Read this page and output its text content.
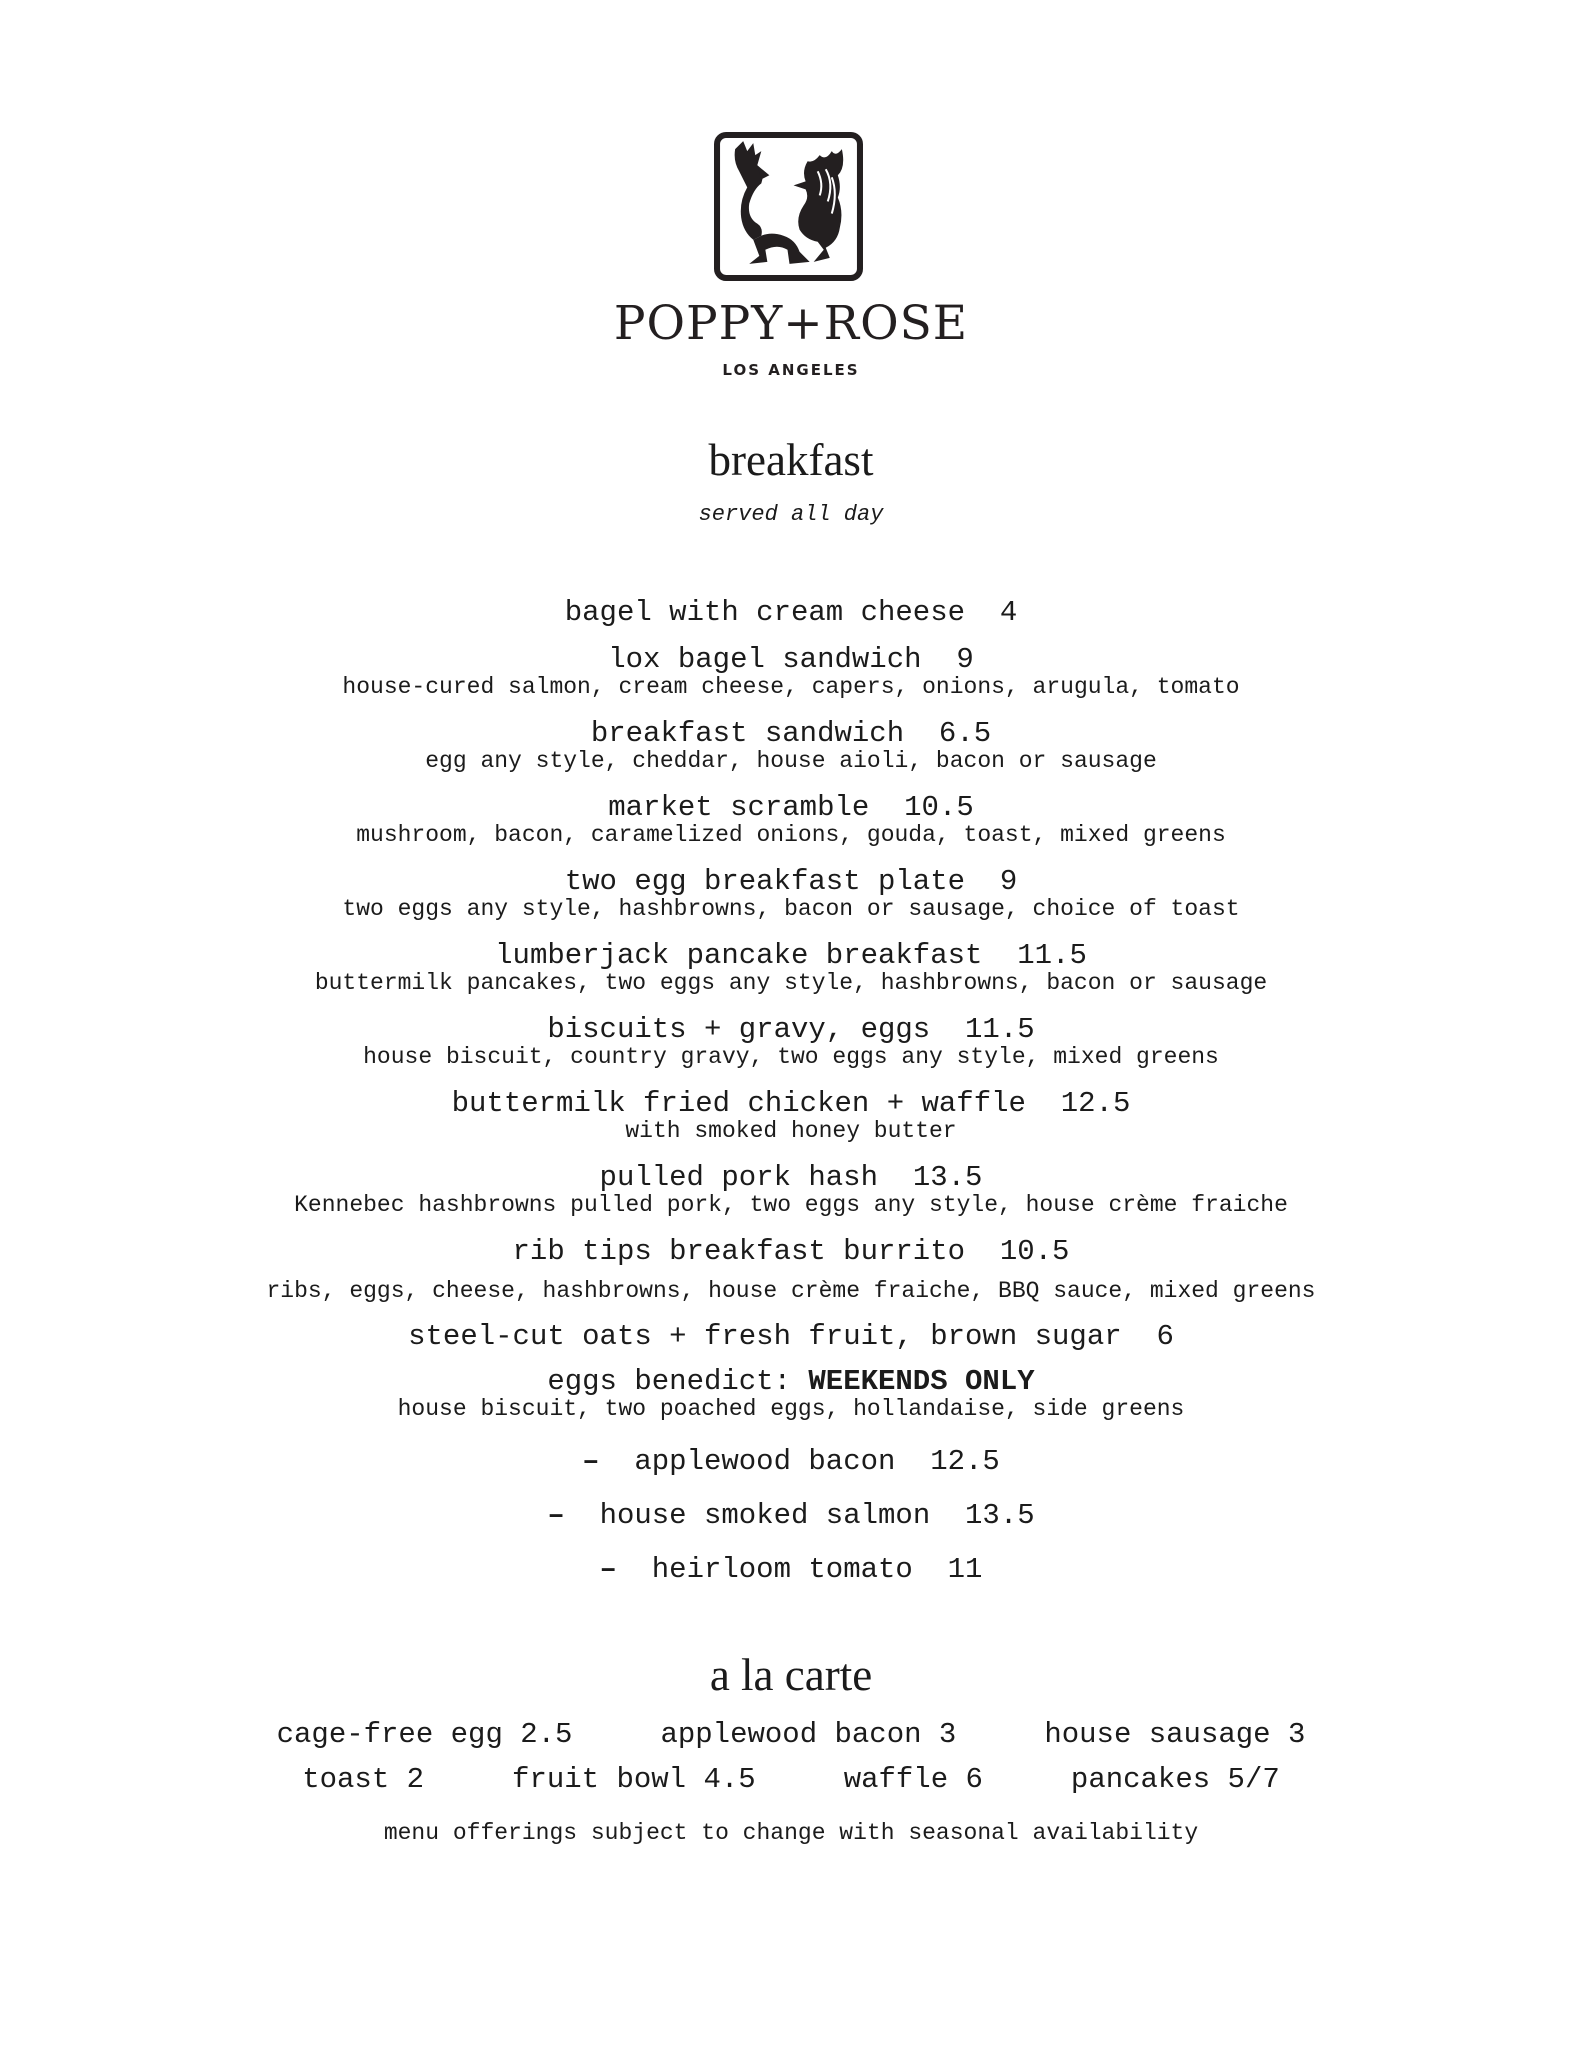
POPPY+ROSE
LOS ANGELES
breakfast
served all day
bagel with cream cheese 4
lox bagel sandwich 9
house-cured salmon, cream cheese, capers, onions, arugula, tomato
breakfast sandwich 6.5
egg any style, cheddar, house aioli, bacon or sausage
market scramble 10.5
mushroom, bacon, caramelized onions, gouda, toast, mixed greens
two egg breakfast plate 9
two eggs any style, hashbrowns, bacon or sausage, choice of toast
lumberjack pancake breakfast 11.5
buttermilk pancakes, two eggs any style, hashbrowns, bacon or sausage
biscuits + gravy, eggs 11.5
house biscuit, country gravy, two eggs any style, mixed greens
buttermilk fried chicken + waffle 12.5
with smoked honey butter
pulled pork hash 13.5
Kennebec hashbrowns pulled pork, two eggs any style, house crème fraiche
rib tips breakfast burrito 10.5
ribs, eggs, cheese, hashbrowns, house crème fraiche, BBQ sauce, mixed greens
steel-cut oats + fresh fruit, brown sugar 6
eggs benedict: WEEKENDS ONLY
house biscuit, two poached eggs, hollandaise, side greens
– applewood bacon 12.5
– house smoked salmon 13.5
– heirloom tomato 11
a la carte
cage-free egg 2.5	applewood bacon 3	house sausage 3
toast 2	fruit bowl 4.5	waffle 6	pancakes 5/7
menu offerings subject to change with seasonal availability
